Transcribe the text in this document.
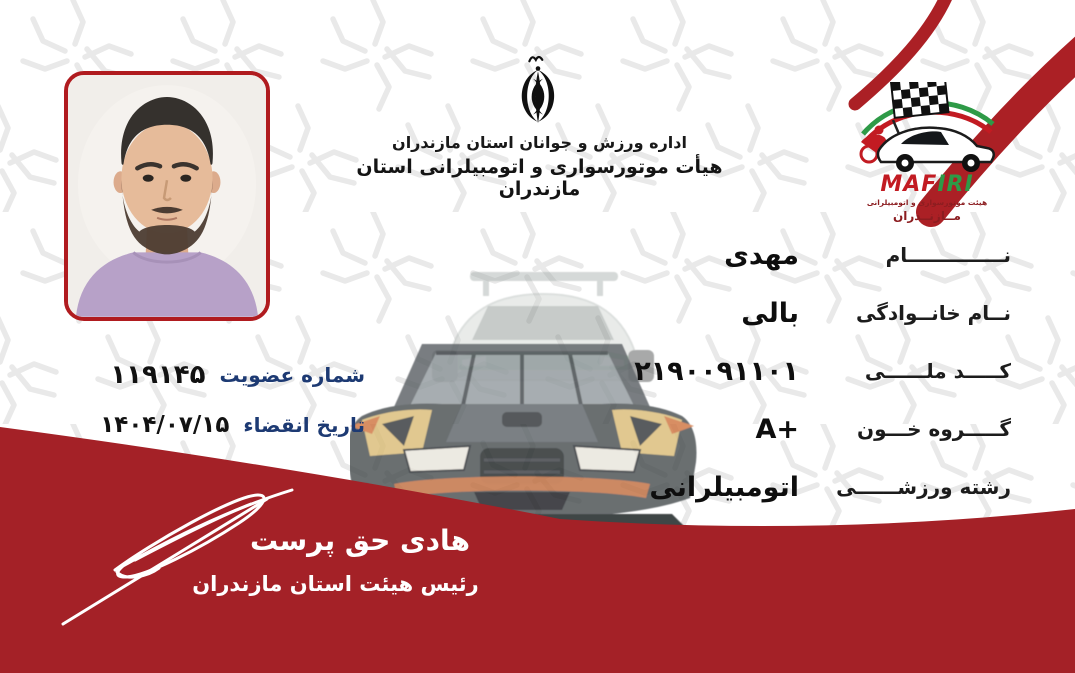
اداره ورزش و جوانان استان مازندران
هیأت موتورسواری و اتومبیلرانی استان مازندران	MAF IRI
هیئت موتورسواری و اتومبیلرانی
مــازنــدران
نــــــــــــــام
مهدی
نــام خانــوادگی
بالی
کـــــد ملــــــی
۲۱۹۰۰۹۱۱۰۱
گـــــروه خـــون
A+
رشته ورزشــــــی
اتومبیلرانی
شماره عضویت
۱۱۹۱۴۵
تاریخ انقضاء
۱۴۰۴/۰۷/۱۵
هادی حق پرست
رئیس هیئت استان مازندران
